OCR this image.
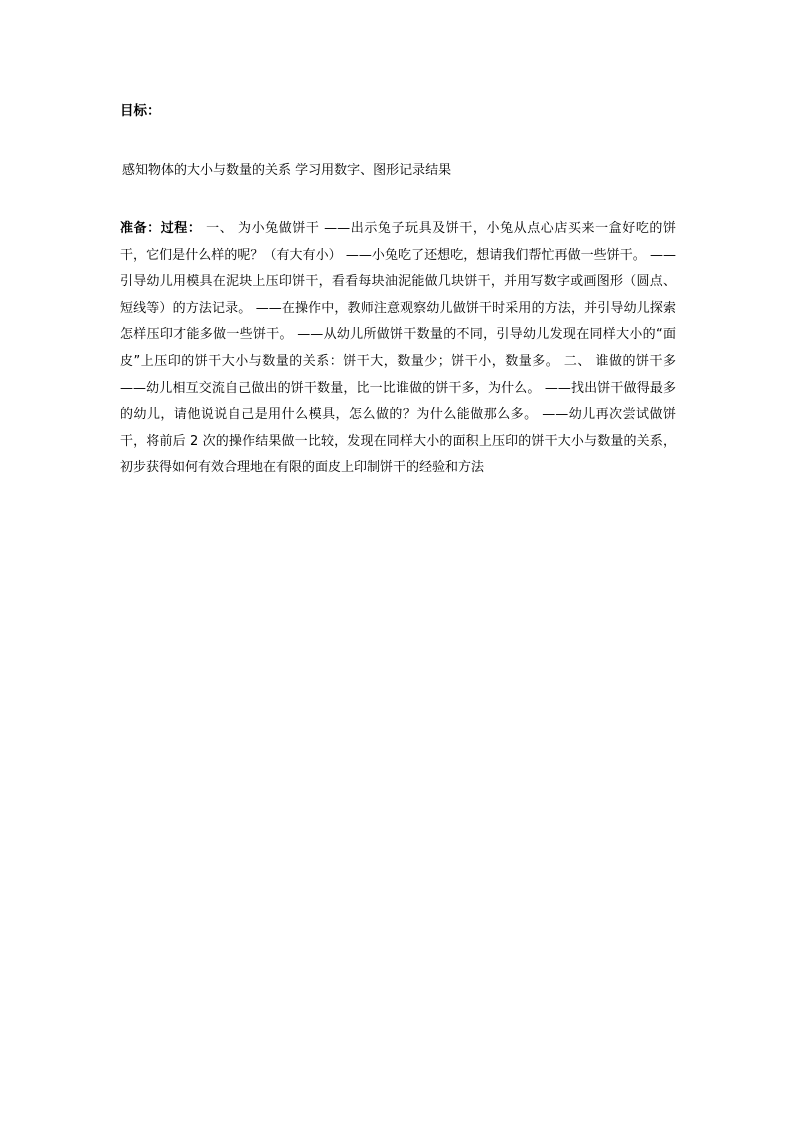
目标：
感知物体的大小与数量的关系 学习用数字、图形记录结果
准备：过程： 一、 为小兔做饼干 ——出示兔子玩具及饼干，小兔从点心店买来一盒好吃的饼干，它们是什么样的呢？（有大有小） ——小兔吃了还想吃，想请我们帮忙再做一些饼干。 ——引导幼儿用模具在泥块上压印饼干，看看每块油泥能做几块饼干，并用写数字或画图形（圆点、短线等）的方法记录。 ——在操作中，教师注意观察幼儿做饼干时采用的方法，并引导幼儿探索怎样压印才能多做一些饼干。 ——从幼儿所做饼干数量的不同，引导幼儿发现在同样大小的“面皮”上压印的饼干大小与数量的关系：饼干大，数量少；饼干小，数量多。 二、 谁做的饼干多 ——幼儿相互交流自己做出的饼干数量，比一比谁做的饼干多，为什么。 ——找出饼干做得最多的幼儿，请他说说自己是用什么模具，怎么做的？为什么能做那么多。 ——幼儿再次尝试做饼干，将前后 2 次的操作结果做一比较，发现在同样大小的面积上压印的饼干大小与数量的关系，初步获得如何有效合理地在有限的面皮上印制饼干的经验和方法
